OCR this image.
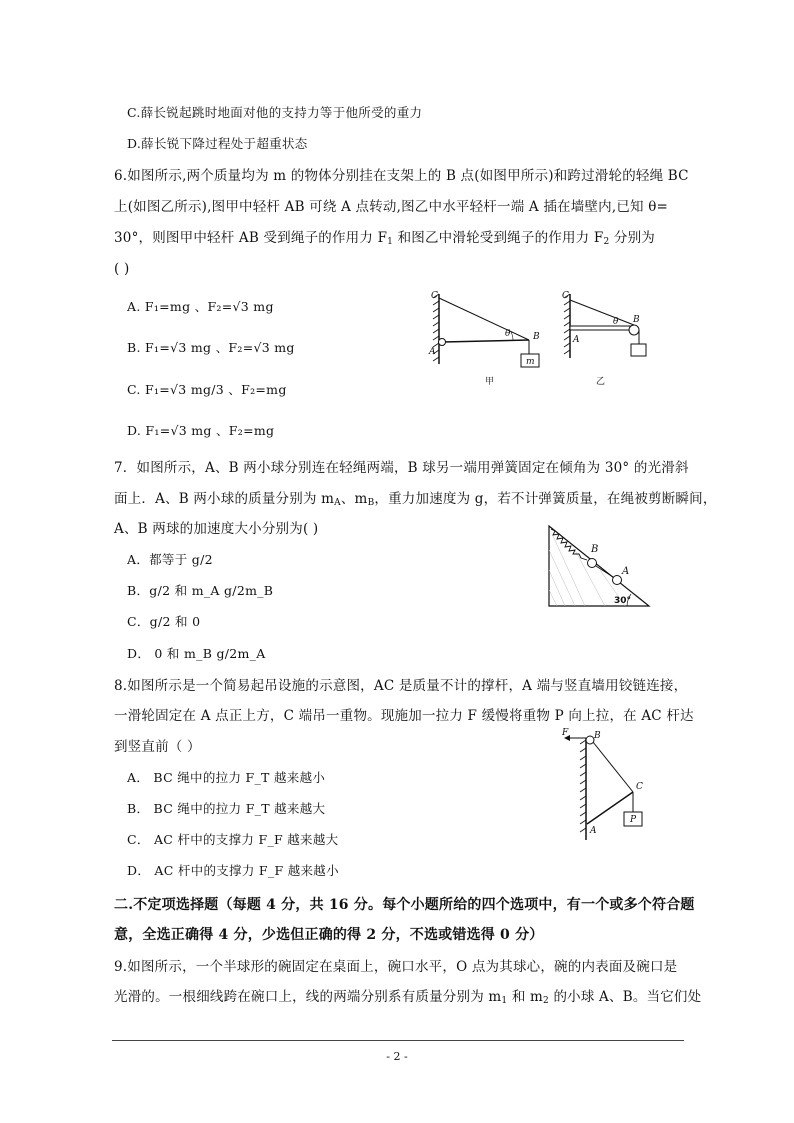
C.薛长锐起跳时地面对他的支持力等于他所受的重力
D.薛长锐下降过程处于超重状态
6.如图所示,两个质量均为 m 的物体分别挂在支架上的 B 点(如图甲所示)和跨过滑轮的轻绳 BC
上(如图乙所示),图甲中轻杆 AB 可绕 A 点转动,图乙中水平轻杆一端 A 插在墙壁内,已知 θ=
30°，则图甲中轻杆 AB 受到绳子的作用力 $F_1$ 和图乙中滑轮受到绳子的作用力 $F_2$ 分别为
( )
A. F₁=mg 、F₂=√3 mg
B. F₁=√3 mg 、F₂=√3 mg
C. F₁=√3 mg/3 、F₂=mg
D. F₁=√3 mg 、F₂=mg
C
A
B
m
θ
甲
C
A
B
θ
乙
7．如图所示，A、B 两小球分别连在轻绳两端，B 球另一端用弹簧固定在倾角为 30° 的光滑斜
面上．A、B 两小球的质量分别为 $m_A$、$m_B$，重力加速度为 g，若不计弹簧质量，在绳被剪断瞬间，
A、B 两球的加速度大小分别为( )
A．都等于 g/2
B．g/2 和 m_A g/2m_B
C．g/2 和 0
D． 0 和 m_B g/2m_A
B
A
30°
8.如图所示是一个简易起吊设施的示意图，AC 是质量不计的撑杆，A 端与竖直墙用铰链连接，
一滑轮固定在 A 点正上方，C 端吊一重物。现施加一拉力 F 缓慢将重物 P 向上拉，在 AC 杆达
到竖直前（ ）
A． BC 绳中的拉力 F_T 越来越小
B． BC 绳中的拉力 F_T 越来越大
C． AC 杆中的支撑力 F_F 越来越大
D． AC 杆中的支撑力 F_F 越来越小
F	B
C
A
P
二.不定项选择题（每题 4 分，共 16 分。每个小题所给的四个选项中，有一个或多个符合题
意，全选正确得 4 分，少选但正确的得 2 分，不选或错选得 0 分）
9.如图所示，一个半球形的碗固定在桌面上，碗口水平，O 点为其球心，碗的内表面及碗口是
光滑的。一根细线跨在碗口上，线的两端分别系有质量分别为 $m_1$ 和 $m_2$ 的小球 A、B。当它们处
- 2 -
